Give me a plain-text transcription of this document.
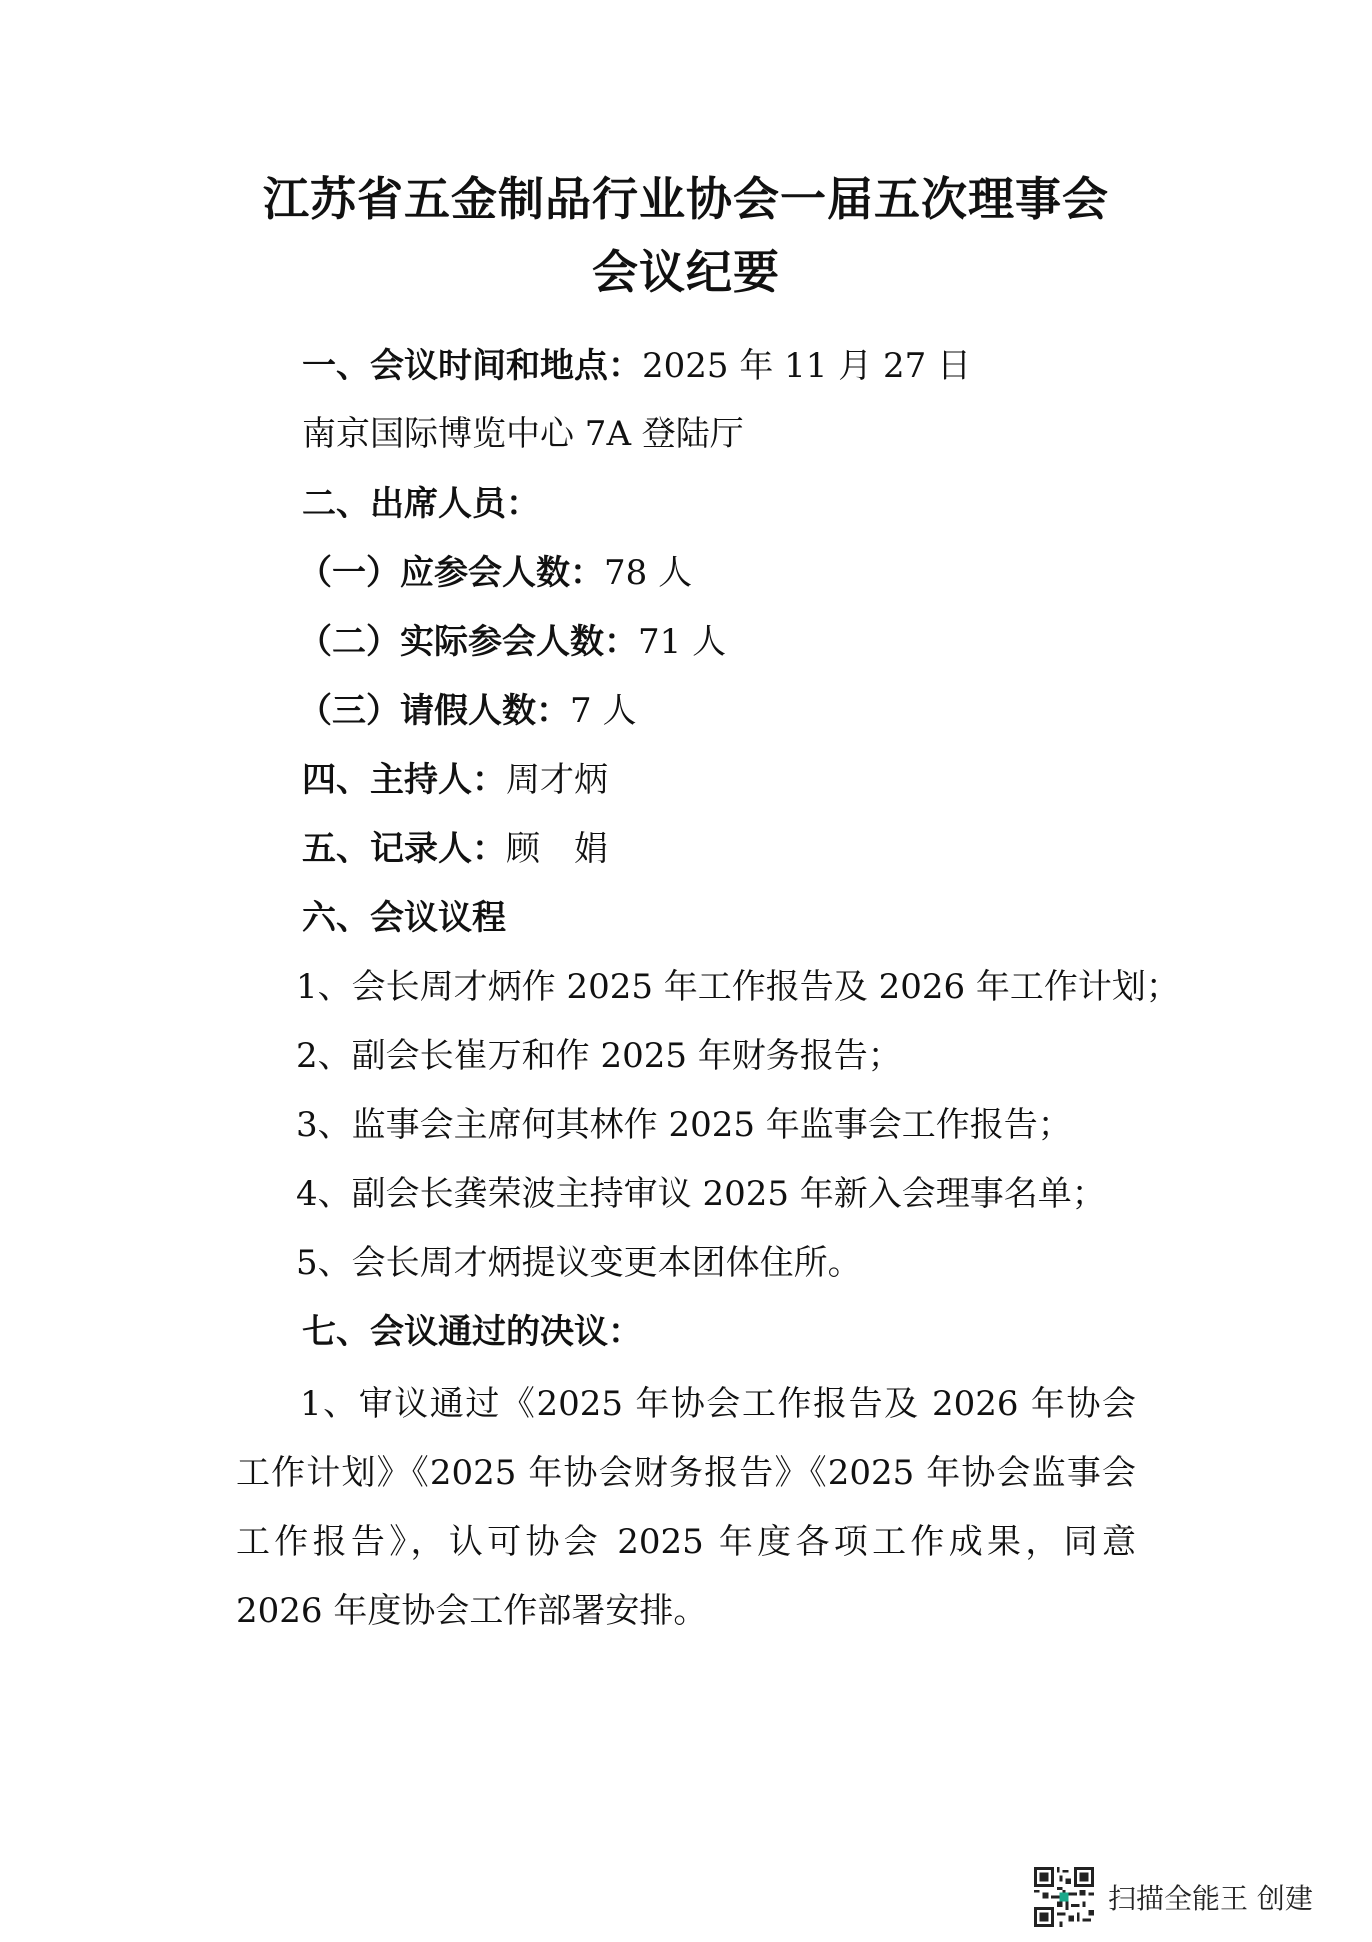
江苏省五金制品行业协会一届五次理事会
会议纪要

一、会议时间和地点：2025 年 11 月 27 日

南京国际博览中心 7A 登陆厅

二、出席人员：

（一）应参会人数：78 人

（二）实际参会人数：71 人

（三）请假人数：7 人

四、主持人：周才炳

五、记录人：顾　娟

六、会议议程

1、会长周才炳作 2025 年工作报告及 2026 年工作计划；

2、副会长崔万和作 2025 年财务报告；

3、监事会主席何其林作 2025 年监事会工作报告；

4、副会长龚荣波主持审议 2025 年新入会理事名单；

5、会长周才炳提议变更本团体住所。

七、会议通过的决议：

1、审议通过《2025 年协会工作报告及 2026 年协会工作计划》《2025 年协会财务报告》《2025 年协会监事会工作报告》，认可协会 2025 年度各项工作成果，同意 2026 年度协会工作部署安排。

扫描全能王 创建
